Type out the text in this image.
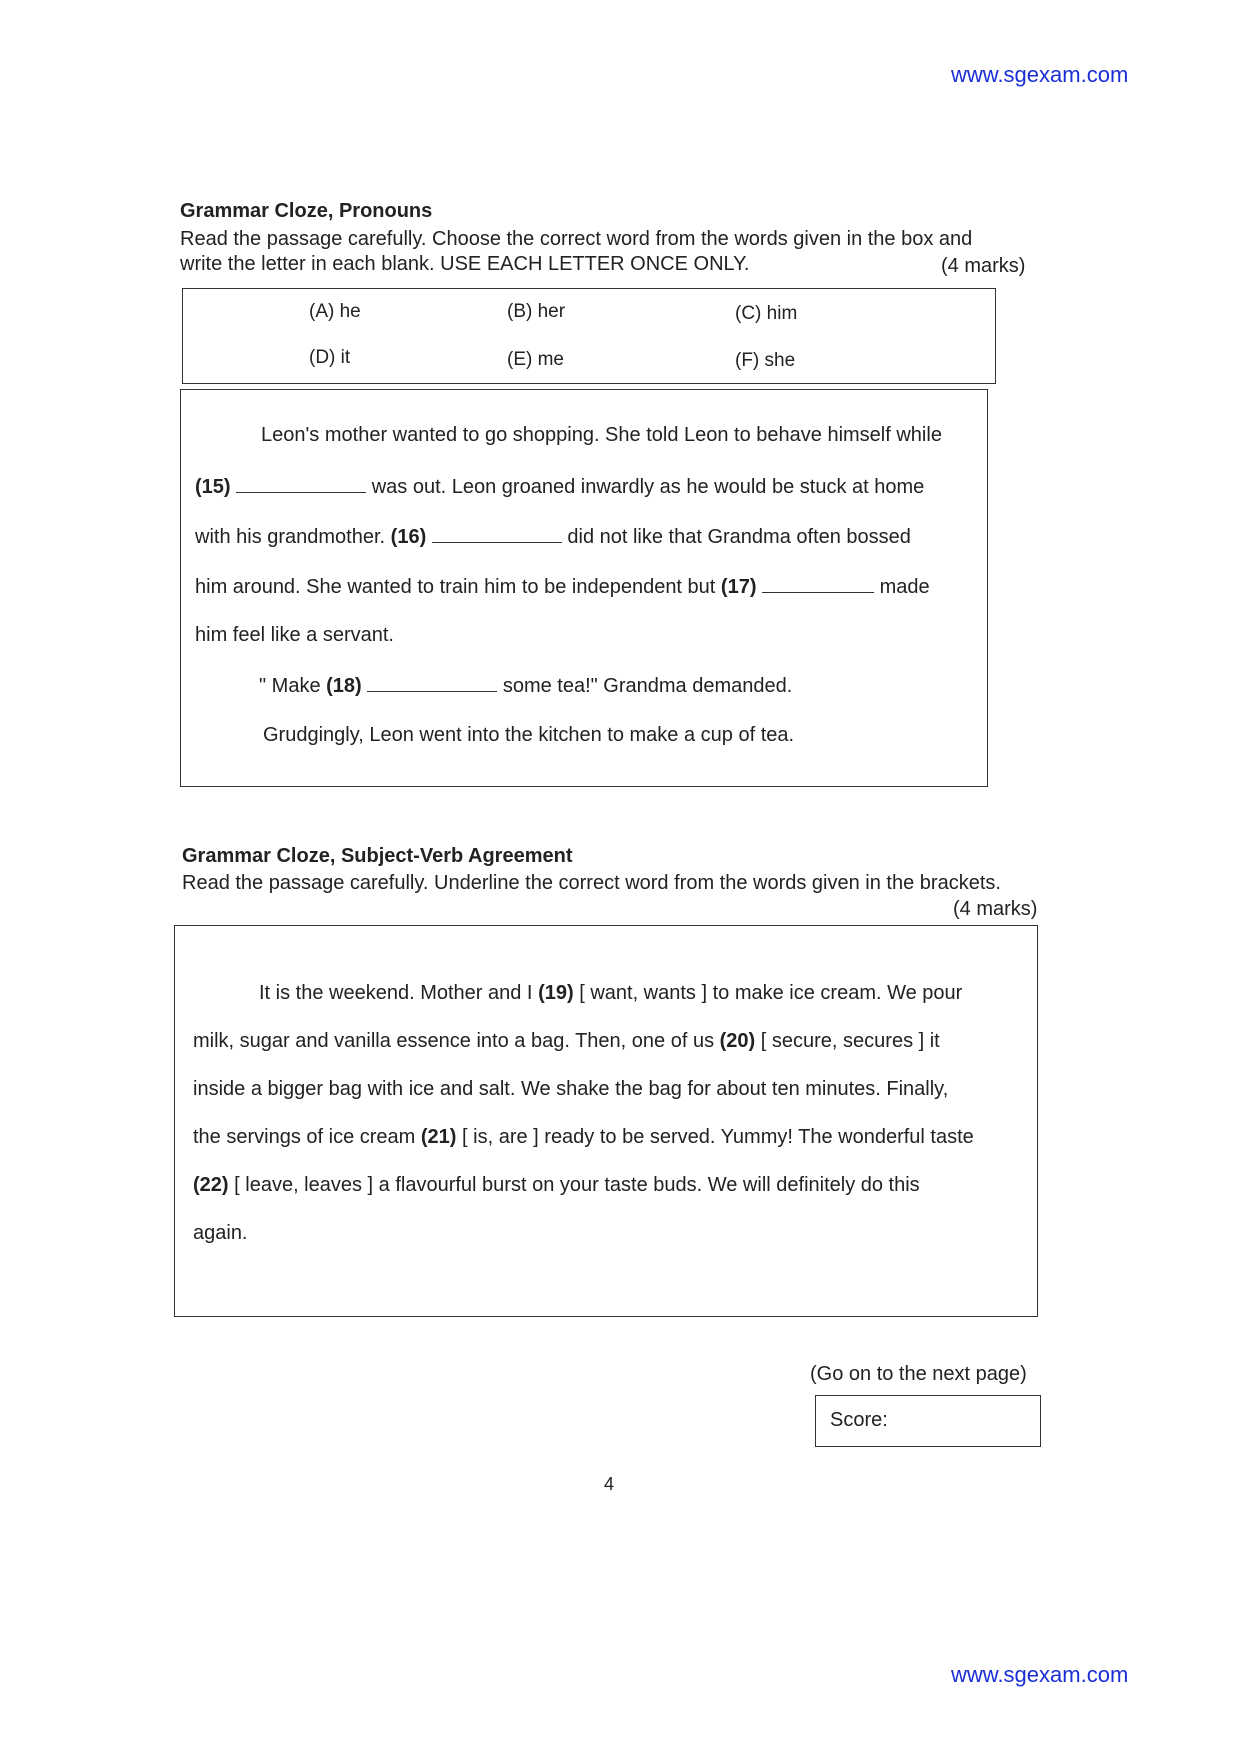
www.sgexam.com
Grammar Cloze, Pronouns
Read the passage carefully. Choose the correct word from the words given in the box and
write the letter in each blank. USE EACH LETTER ONCE ONLY.	(4 marks)
(A) he	(B) her	(C) him
(D) it	(E) me	(F) she
Leon's mother wanted to go shopping. She told Leon to behave himself while
(15)	was out. Leon groaned inwardly as he would be stuck at home
with his grandmother. (16)	did not like that Grandma often bossed
him around. She wanted to train him to be independent but (17)	made
him feel like a servant.
" Make (18)	some tea!" Grandma demanded.
Grudgingly, Leon went into the kitchen to make a cup of tea.
Grammar Cloze, Subject-Verb Agreement
Read the passage carefully. Underline the correct word from the words given in the brackets.
(4 marks)
It is the weekend. Mother and I (19) [ want, wants ] to make ice cream. We pour
milk, sugar and vanilla essence into a bag. Then, one of us (20) [ secure, secures ] it
inside a bigger bag with ice and salt. We shake the bag for about ten minutes. Finally,
the servings of ice cream (21) [ is, are ] ready to be served. Yummy! The wonderful taste
(22) [ leave, leaves ] a flavourful burst on your taste buds. We will definitely do this
again.
(Go on to the next page)
Score:
4
www.sgexam.com
